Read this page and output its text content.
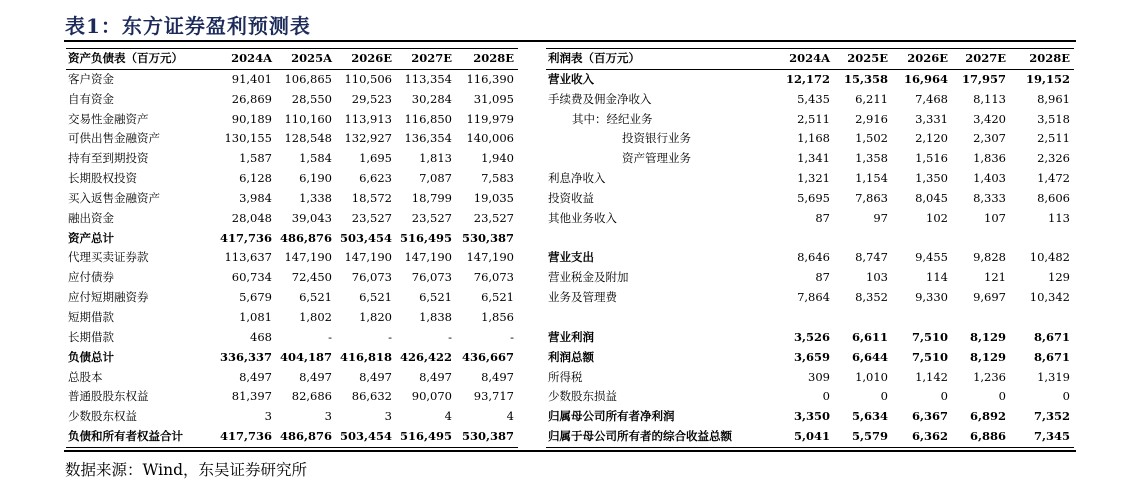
表1：东方证券盈利预测表
资产负债表（百万元）	2024A	2025A	2026E	2027E	2028E
客户资金	91,401	106,865	110,506	113,354	116,390
自有资金	26,869	28,550	29,523	30,284	31,095
交易性金融资产	90,189	110,160	113,913	116,850	119,979
可供出售金融资产	130,155	128,548	132,927	136,354	140,006
持有至到期投资	1,587	1,584	1,695	1,813	1,940
长期股权投资	6,128	6,190	6,623	7,087	7,583
买入返售金融资产	3,984	1,338	18,572	18,799	19,035
融出资金	28,048	39,043	23,527	23,527	23,527
资产总计	417,736	486,876	503,454	516,495	530,387
代理买卖证券款	113,637	147,190	147,190	147,190	147,190
应付债券	60,734	72,450	76,073	76,073	76,073
应付短期融资券	5,679	6,521	6,521	6,521	6,521
短期借款	1,081	1,802	1,820	1,838	1,856
长期借款	468	-	-	-	-
负债总计	336,337	404,187	416,818	426,422	436,667
总股本	8,497	8,497	8,497	8,497	8,497
普通股股东权益	81,397	82,686	86,632	90,070	93,717
少数股东权益	3	3	3	4	4
负债和所有者权益合计	417,736	486,876	503,454	516,495	530,387
利润表（百万元）	2024A	2025E	2026E	2027E	2028E
营业收入	12,172	15,358	16,964	17,957	19,152
手续费及佣金净收入	5,435	6,211	7,468	8,113	8,961
其中：经纪业务	2,511	2,916	3,331	3,420	3,518
投资银行业务	1,168	1,502	2,120	2,307	2,511
资产管理业务	1,341	1,358	1,516	1,836	2,326
利息净收入	1,321	1,154	1,350	1,403	1,472
投资收益	5,695	7,863	8,045	8,333	8,606
其他业务收入	87	97	102	107	113

营业支出	8,646	8,747	9,455	9,828	10,482
营业税金及附加	87	103	114	121	129
业务及管理费	7,864	8,352	9,330	9,697	10,342

营业利润	3,526	6,611	7,510	8,129	8,671
利润总额	3,659	6,644	7,510	8,129	8,671
所得税	309	1,010	1,142	1,236	1,319
少数股东损益	0	0	0	0	0
归属母公司所有者净利润	3,350	5,634	6,367	6,892	7,352
归属于母公司所有者的综合收益总额	5,041	5,579	6,362	6,886	7,345
数据来源：Wind，东吴证券研究所
